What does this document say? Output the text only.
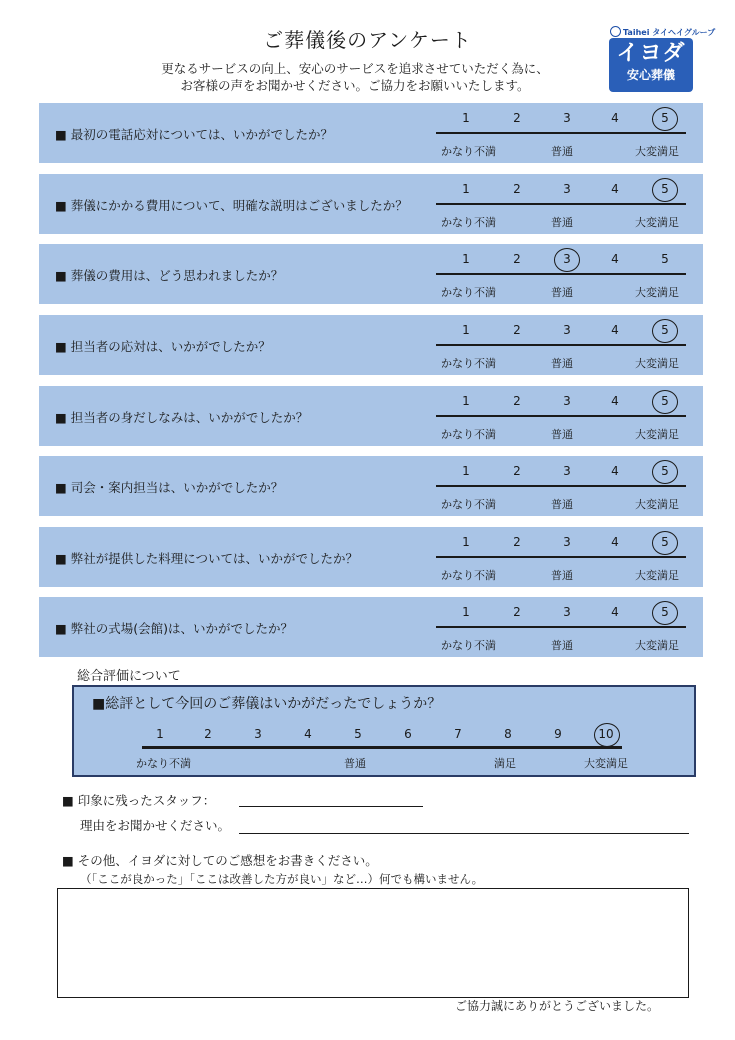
ご葬儀後のアンケート
更なるサービスの向上、安心のサービスを追求させていただく為に、
お客様の声をお聞かせください。ご協力をお願いいたします。
Taihei タイヘイグループ
イヨダ
安心葬儀
■ 最初の電話応対については、いかがでしたか？
1	2	3	4	5
かなり不満	普通	大変満足
■ 葬儀にかかる費用について、明確な説明はございましたか？
1	2	3	4	5
かなり不満	普通	大変満足
■ 葬儀の費用は、どう思われましたか？
1	2	3	4	5
かなり不満	普通	大変満足
■ 担当者の応対は、いかがでしたか？
1	2	3	4	5
かなり不満	普通	大変満足
■ 担当者の身だしなみは、いかがでしたか？
1	2	3	4	5
かなり不満	普通	大変満足
■ 司会・案内担当は、いかがでしたか？
1	2	3	4	5
かなり不満	普通	大変満足
■ 弊社が提供した料理については、いかがでしたか？
1	2	3	4	5
かなり不満	普通	大変満足
■ 弊社の式場(会館)は、いかがでしたか？
1	2	3	4	5
かなり不満	普通	大変満足
総合評価について
■総評として今回のご葬儀はいかがだったでしょうか？
かなり不満	普通	満足	大変満足
1	2	3	4	5	6	7	8	9	10
■ 印象に残ったスタッフ：
理由をお聞かせください。
■ その他、イヨダに対してのご感想をお書きください。
（「ここが良かった」「ここは改善した方が良い」など…）何でも構いません。
ご協力誠にありがとうございました。
